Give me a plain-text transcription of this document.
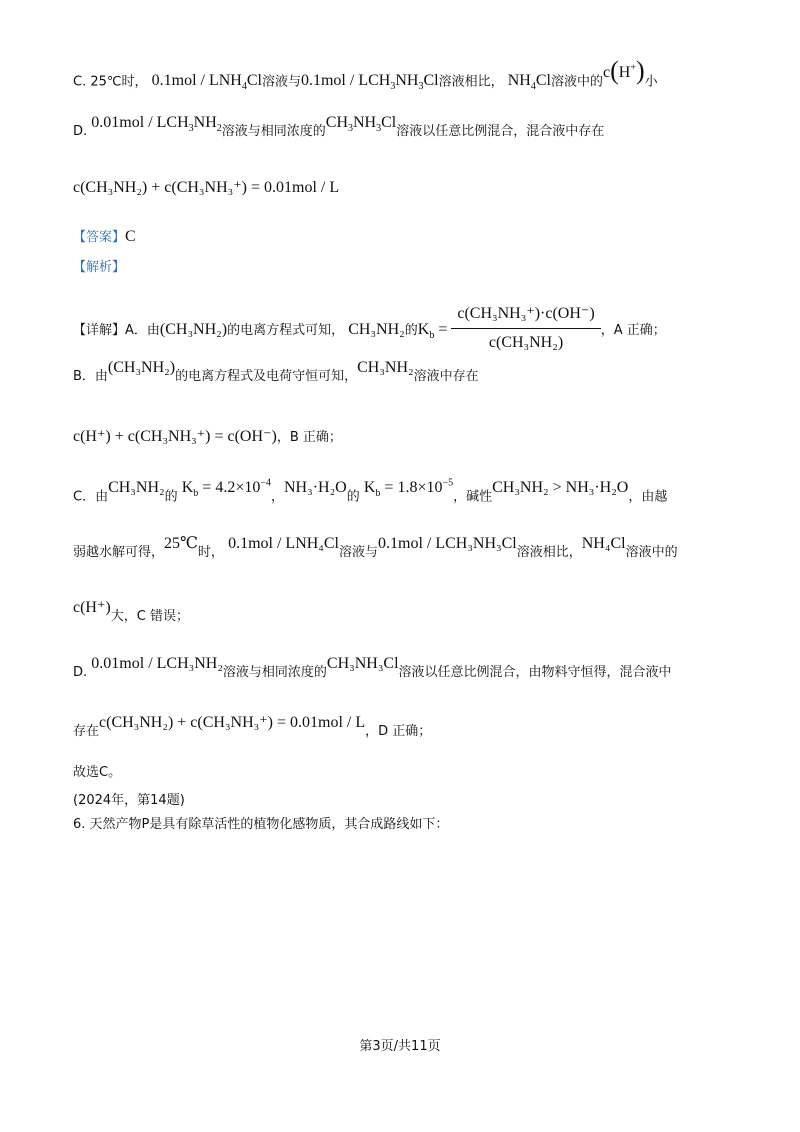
C. 25℃时， $0.1mol / LNH_4Cl$溶液与$0.1mol / LCH_3NH_3Cl$溶液相比， $NH_4Cl$溶液中的c(H+)小
D. $0.01mol / LCH_3NH_2$溶液与相同浓度的$CH_3NH_3Cl$溶液以任意比例混合，混合液中存在
c(CH₃NH₂) + c(CH₃NH₃⁺) = 0.01mol / L
【答案】C
【解析】
【详解】A．由(CH₃NH₂)的电离方程式可知， CH₃NH₂的$K_b = \frac{\text{c(CH₃NH₃⁺)·c(OH⁻)}}{\text{c(CH₃NH₂)}}$ ，A 正确；
B．由(CH₃NH₂)的电离方程式及电荷守恒可知，CH₃NH₂溶液中存在
c(H⁺) + c(CH₃NH₃⁺) = c(OH⁻)，B 正确；
C．由CH₃NH₂的 $K_b = 4.2\times 10^{-4}$，NH₃·H₂O的 $K_b = 1.8\times 10^{-5}$，碱性CH₃NH₂ > NH₃·H₂O，由越
弱越水解可得，25℃时， 0.1mol / LNH₄Cl溶液与0.1mol / LCH₃NH₃Cl溶液相比，NH₄Cl溶液中的
c(H⁺)大，C 错误；
D. 0.01mol / LCH₃NH₂溶液与相同浓度的CH₃NH₃Cl溶液以任意比例混合，由物料守恒得，混合液中
存在c(CH₃NH₂) + c(CH₃NH₃⁺) = 0.01mol / L，D 正确；
故选C。
(2024年，第14题)
6. 天然产物P是具有除草活性的植物化感物质，其合成路线如下：
第3页/共11页
